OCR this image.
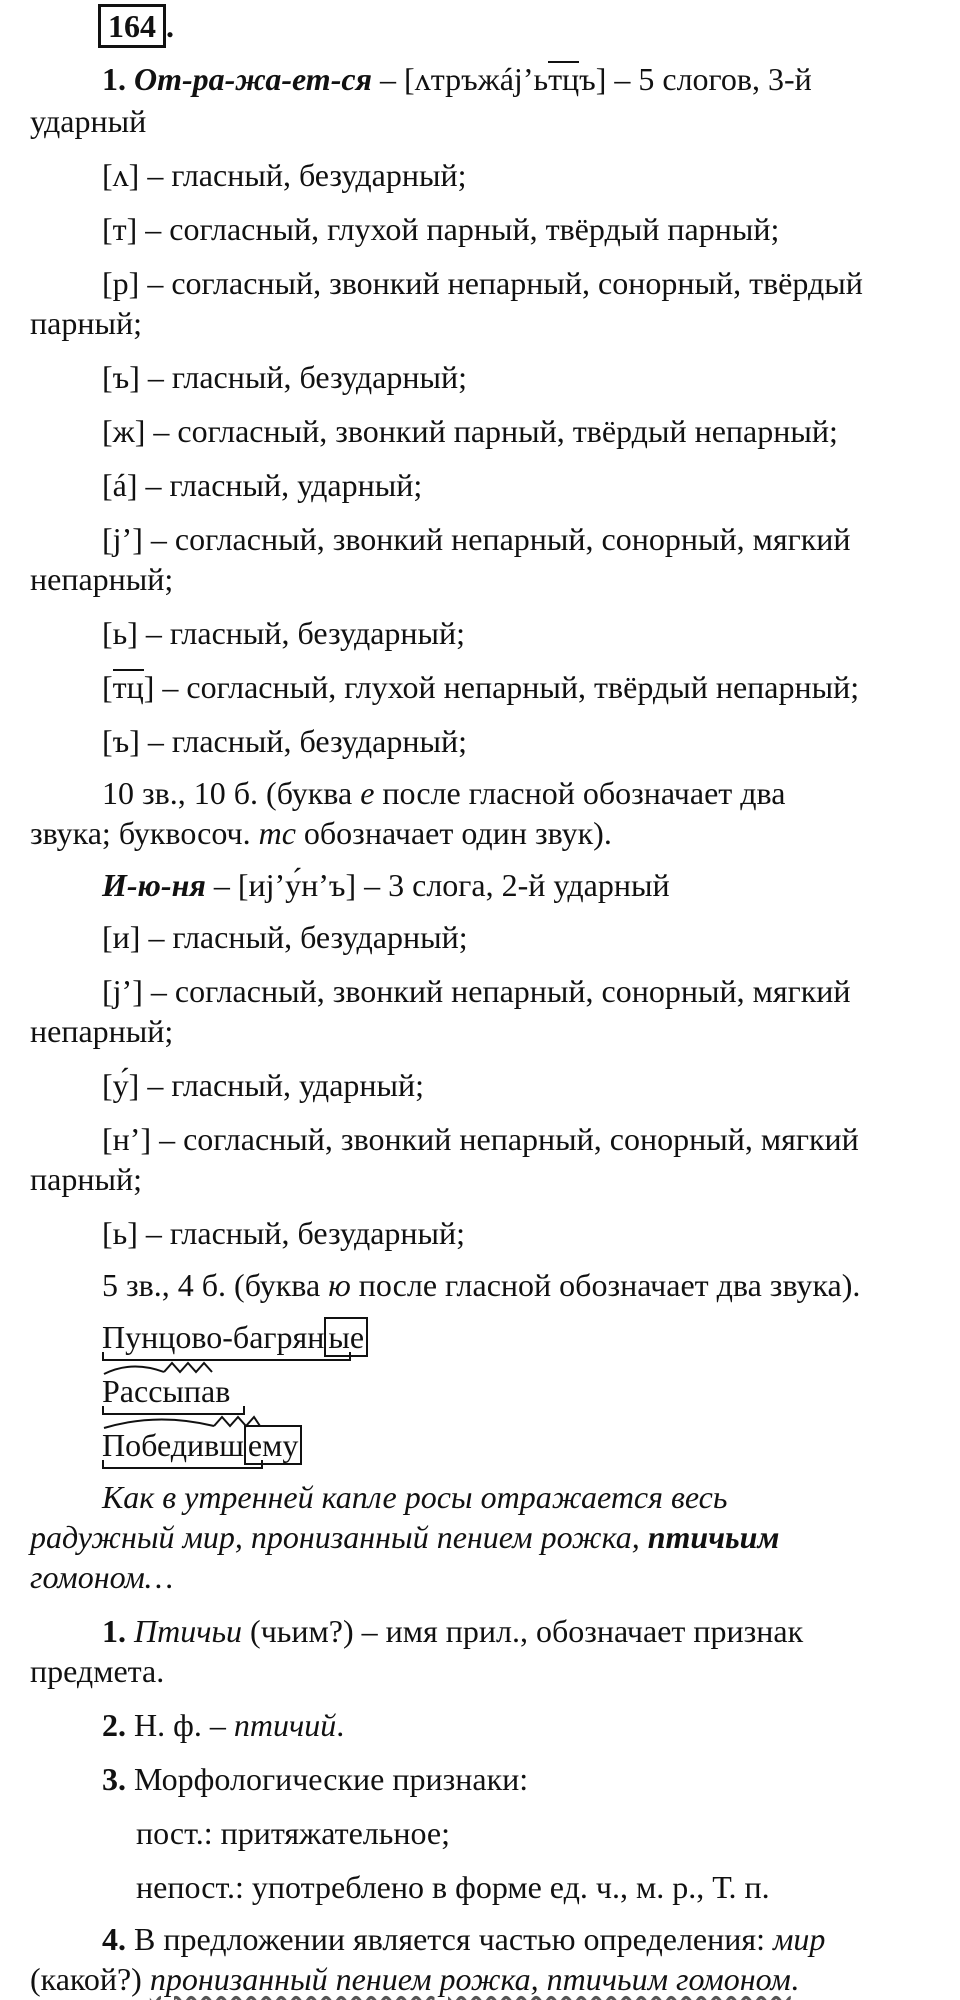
164 .
1. От-ра-жа-ет-ся – [ʌтръжáj’ьтцъ] – 5 слогов, 3-й
ударный
[ʌ] – гласный, безударный;
[т] – согласный, глухой парный, твёрдый парный;
[р] – согласный, звонкий непарный, сонорный, твёрдый
парный;
[ъ] – гласный, безударный;
[ж] – согласный, звонкий парный, твёрдый непарный;
[á] – гласный, ударный;
[j’] – согласный, звонкий непарный, сонорный, мягкий
непарный;
[ь] – гласный, безударный;
[тц] – согласный, глухой непарный, твёрдый непарный;
[ъ] – гласный, безударный;
10 зв., 10 б. (буква е после гласной обозначает два
звука; буквосоч. тс обозначает один звук).
И-ю-ня – [иj’у́н’ъ] – 3 слога, 2-й ударный
[и] – гласный, безударный;
[j’] – согласный, звонкий непарный, сонорный, мягкий
непарный;
[у́] – гласный, ударный;
[н’] – согласный, звонкий непарный, сонорный, мягкий
парный;
[ь] – гласный, безударный;
5 зв., 4 б. (буква ю после гласной обозначает два звука).
Пунцово-багрян ые
Рассыпав
Победивш ему
Как в утренней капле росы отражается весь
радужный мир, пронизанный пением рожка, птичьим
гомоном…
1. Птичьи (чьим?) – имя прил., обозначает признак
предмета.
2. Н. ф. – птичий.
3. Морфологические признаки:
пост.: притяжательное;
непост.: употреблено в форме ед. ч., м. р., Т. п.
4. В предложении является частью определения: мир
(какой?) пронизанный пением рожка, птичьим гомоном.
